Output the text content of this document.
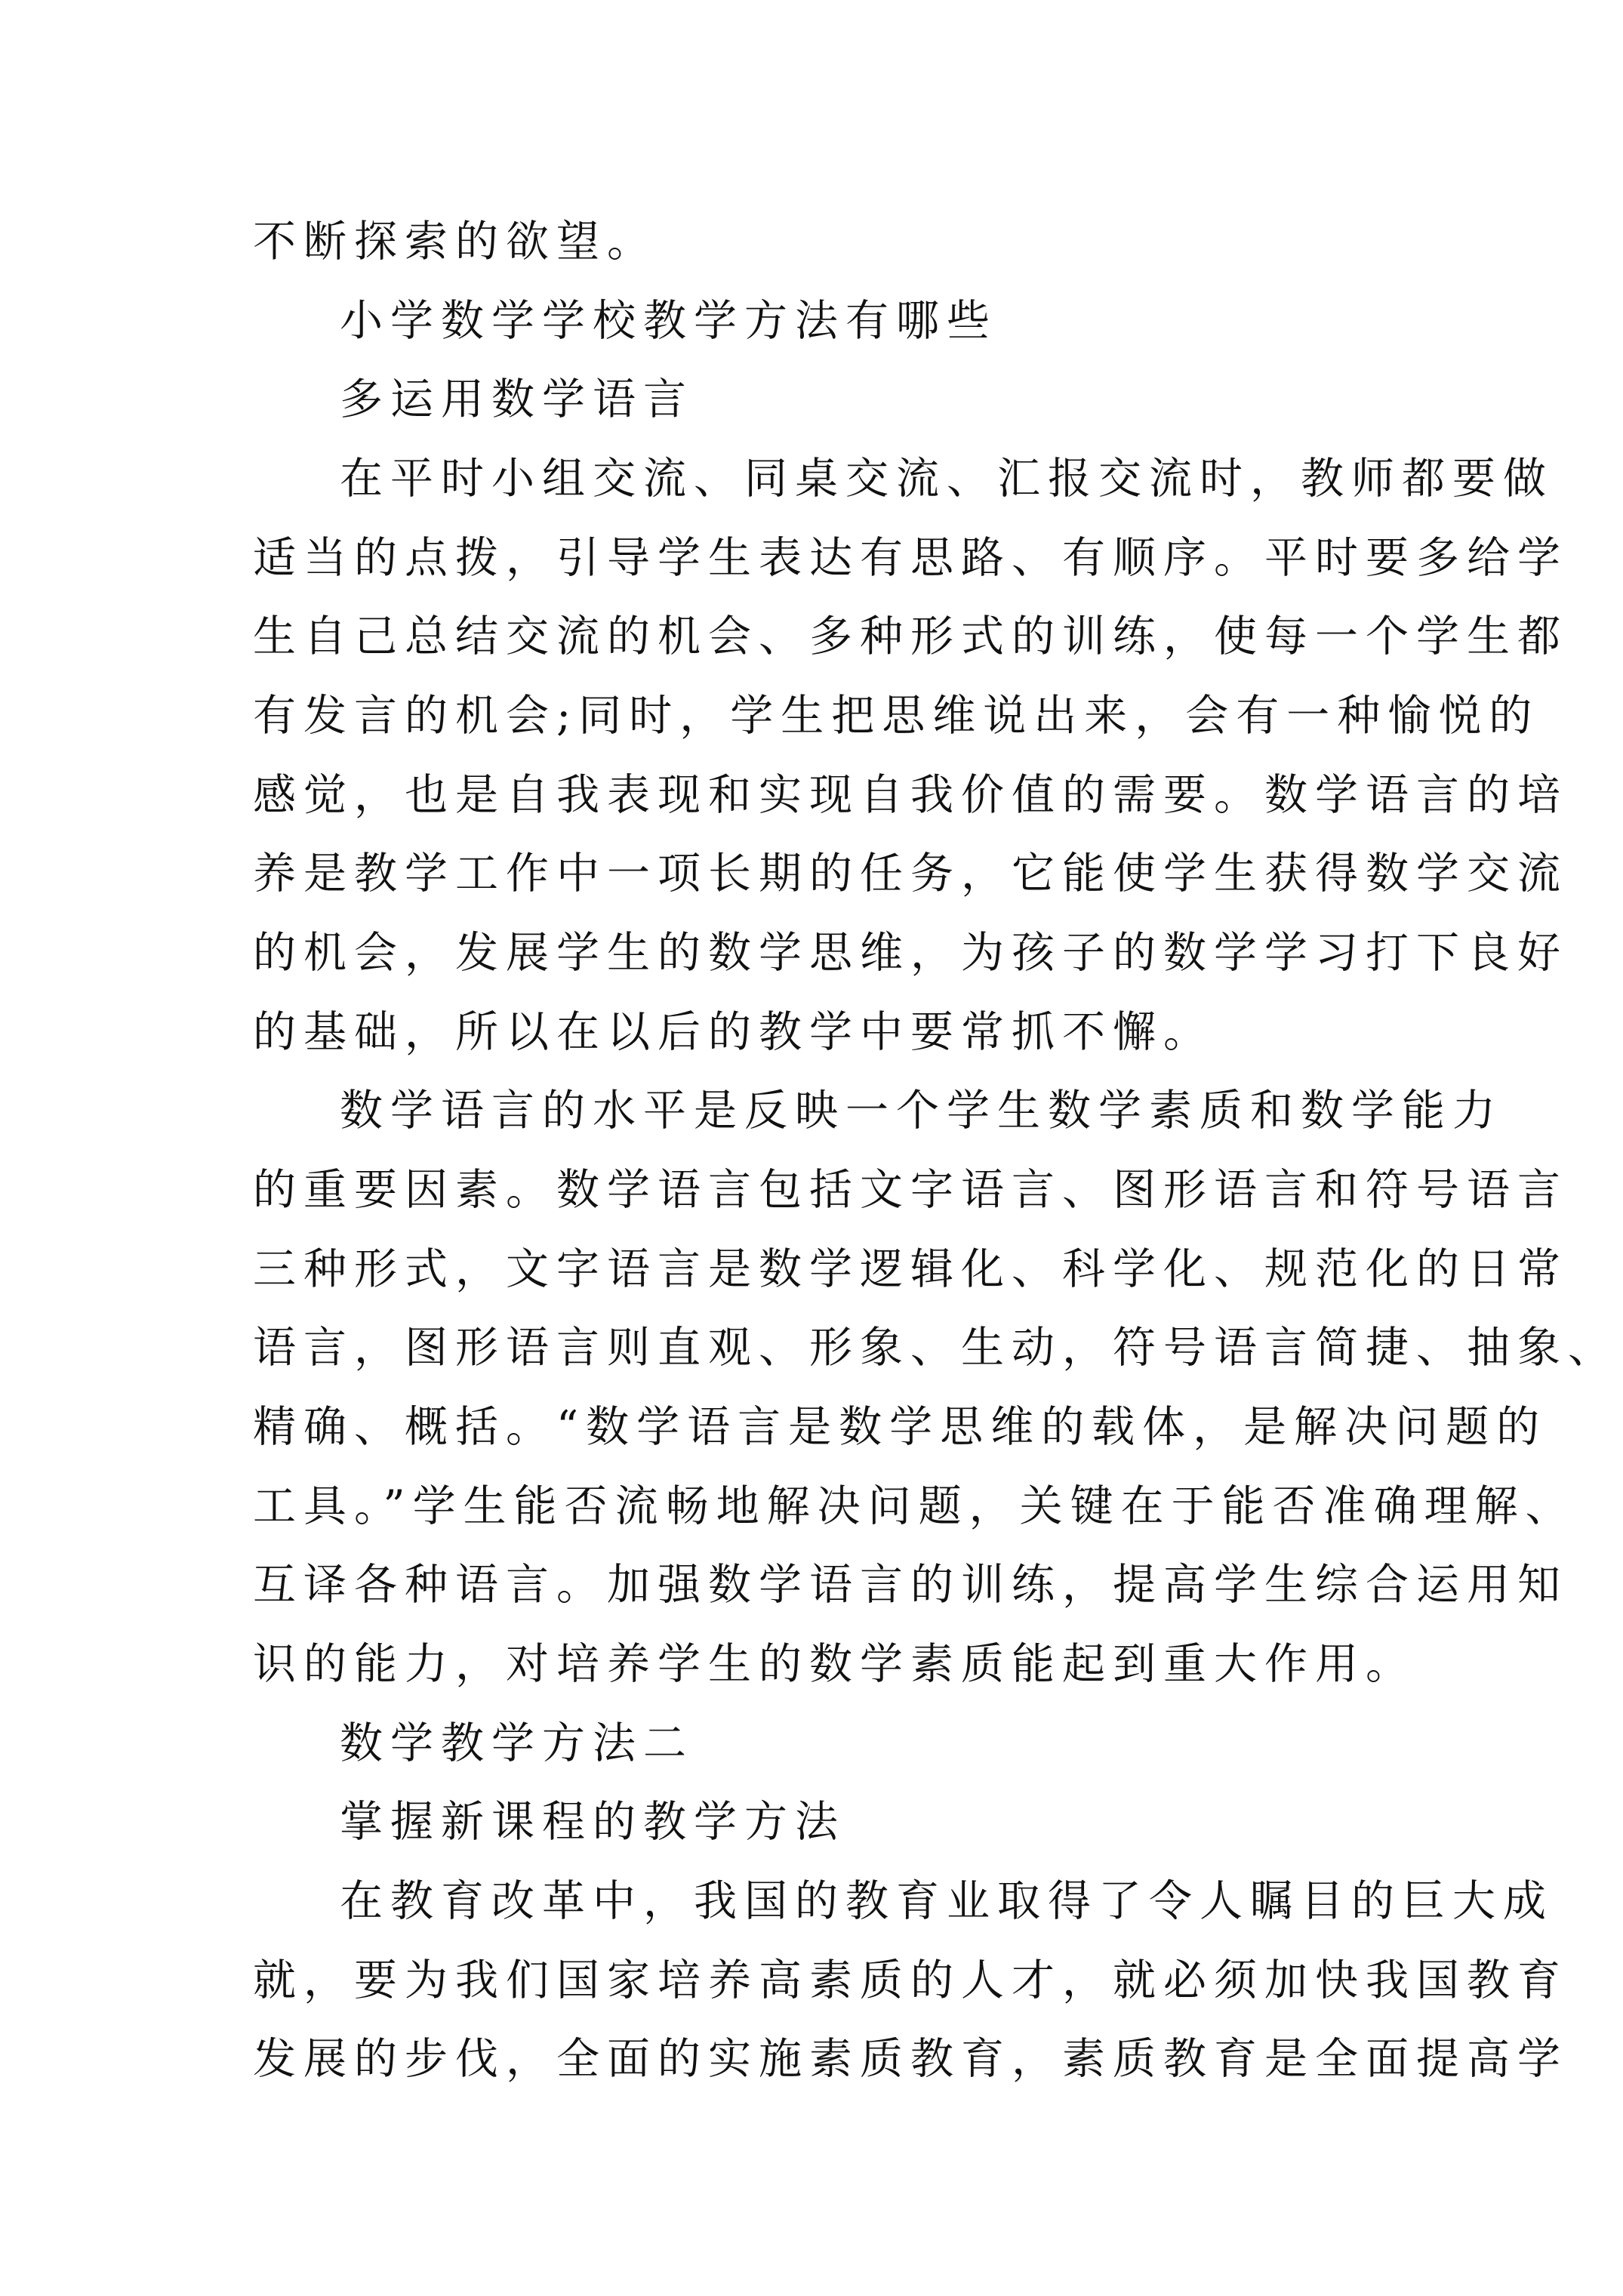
不断探索的欲望。
小学数学学校教学方法有哪些
多运用数学语言
在平时小组交流、同桌交流、汇报交流时，教师都要做
适当的点拨，引导学生表达有思路、有顺序。平时要多给学
生自己总结交流的机会、多种形式的训练，使每一个学生都
有发言的机会;同时，学生把思维说出来，会有一种愉悦的
感觉，也是自我表现和实现自我价值的需要。数学语言的培
养是教学工作中一项长期的任务，它能使学生获得数学交流
的机会，发展学生的数学思维，为孩子的数学学习打下良好
的基础，所以在以后的教学中要常抓不懈。
数学语言的水平是反映一个学生数学素质和数学能力
的重要因素。数学语言包括文字语言、图形语言和符号语言
三种形式，文字语言是数学逻辑化、科学化、规范化的日常
语言，图形语言则直观、形象、生动，符号语言简捷、抽象、
精确、概括。“数学语言是数学思维的载体，是解决问题的
工具。”学生能否流畅地解决问题，关键在于能否准确理解、
互译各种语言。加强数学语言的训练，提高学生综合运用知
识的能力，对培养学生的数学素质能起到重大作用。
数学教学方法二
掌握新课程的教学方法
在教育改革中，我国的教育业取得了令人瞩目的巨大成
就，要为我们国家培养高素质的人才，就必须加快我国教育
发展的步伐，全面的实施素质教育，素质教育是全面提高学
